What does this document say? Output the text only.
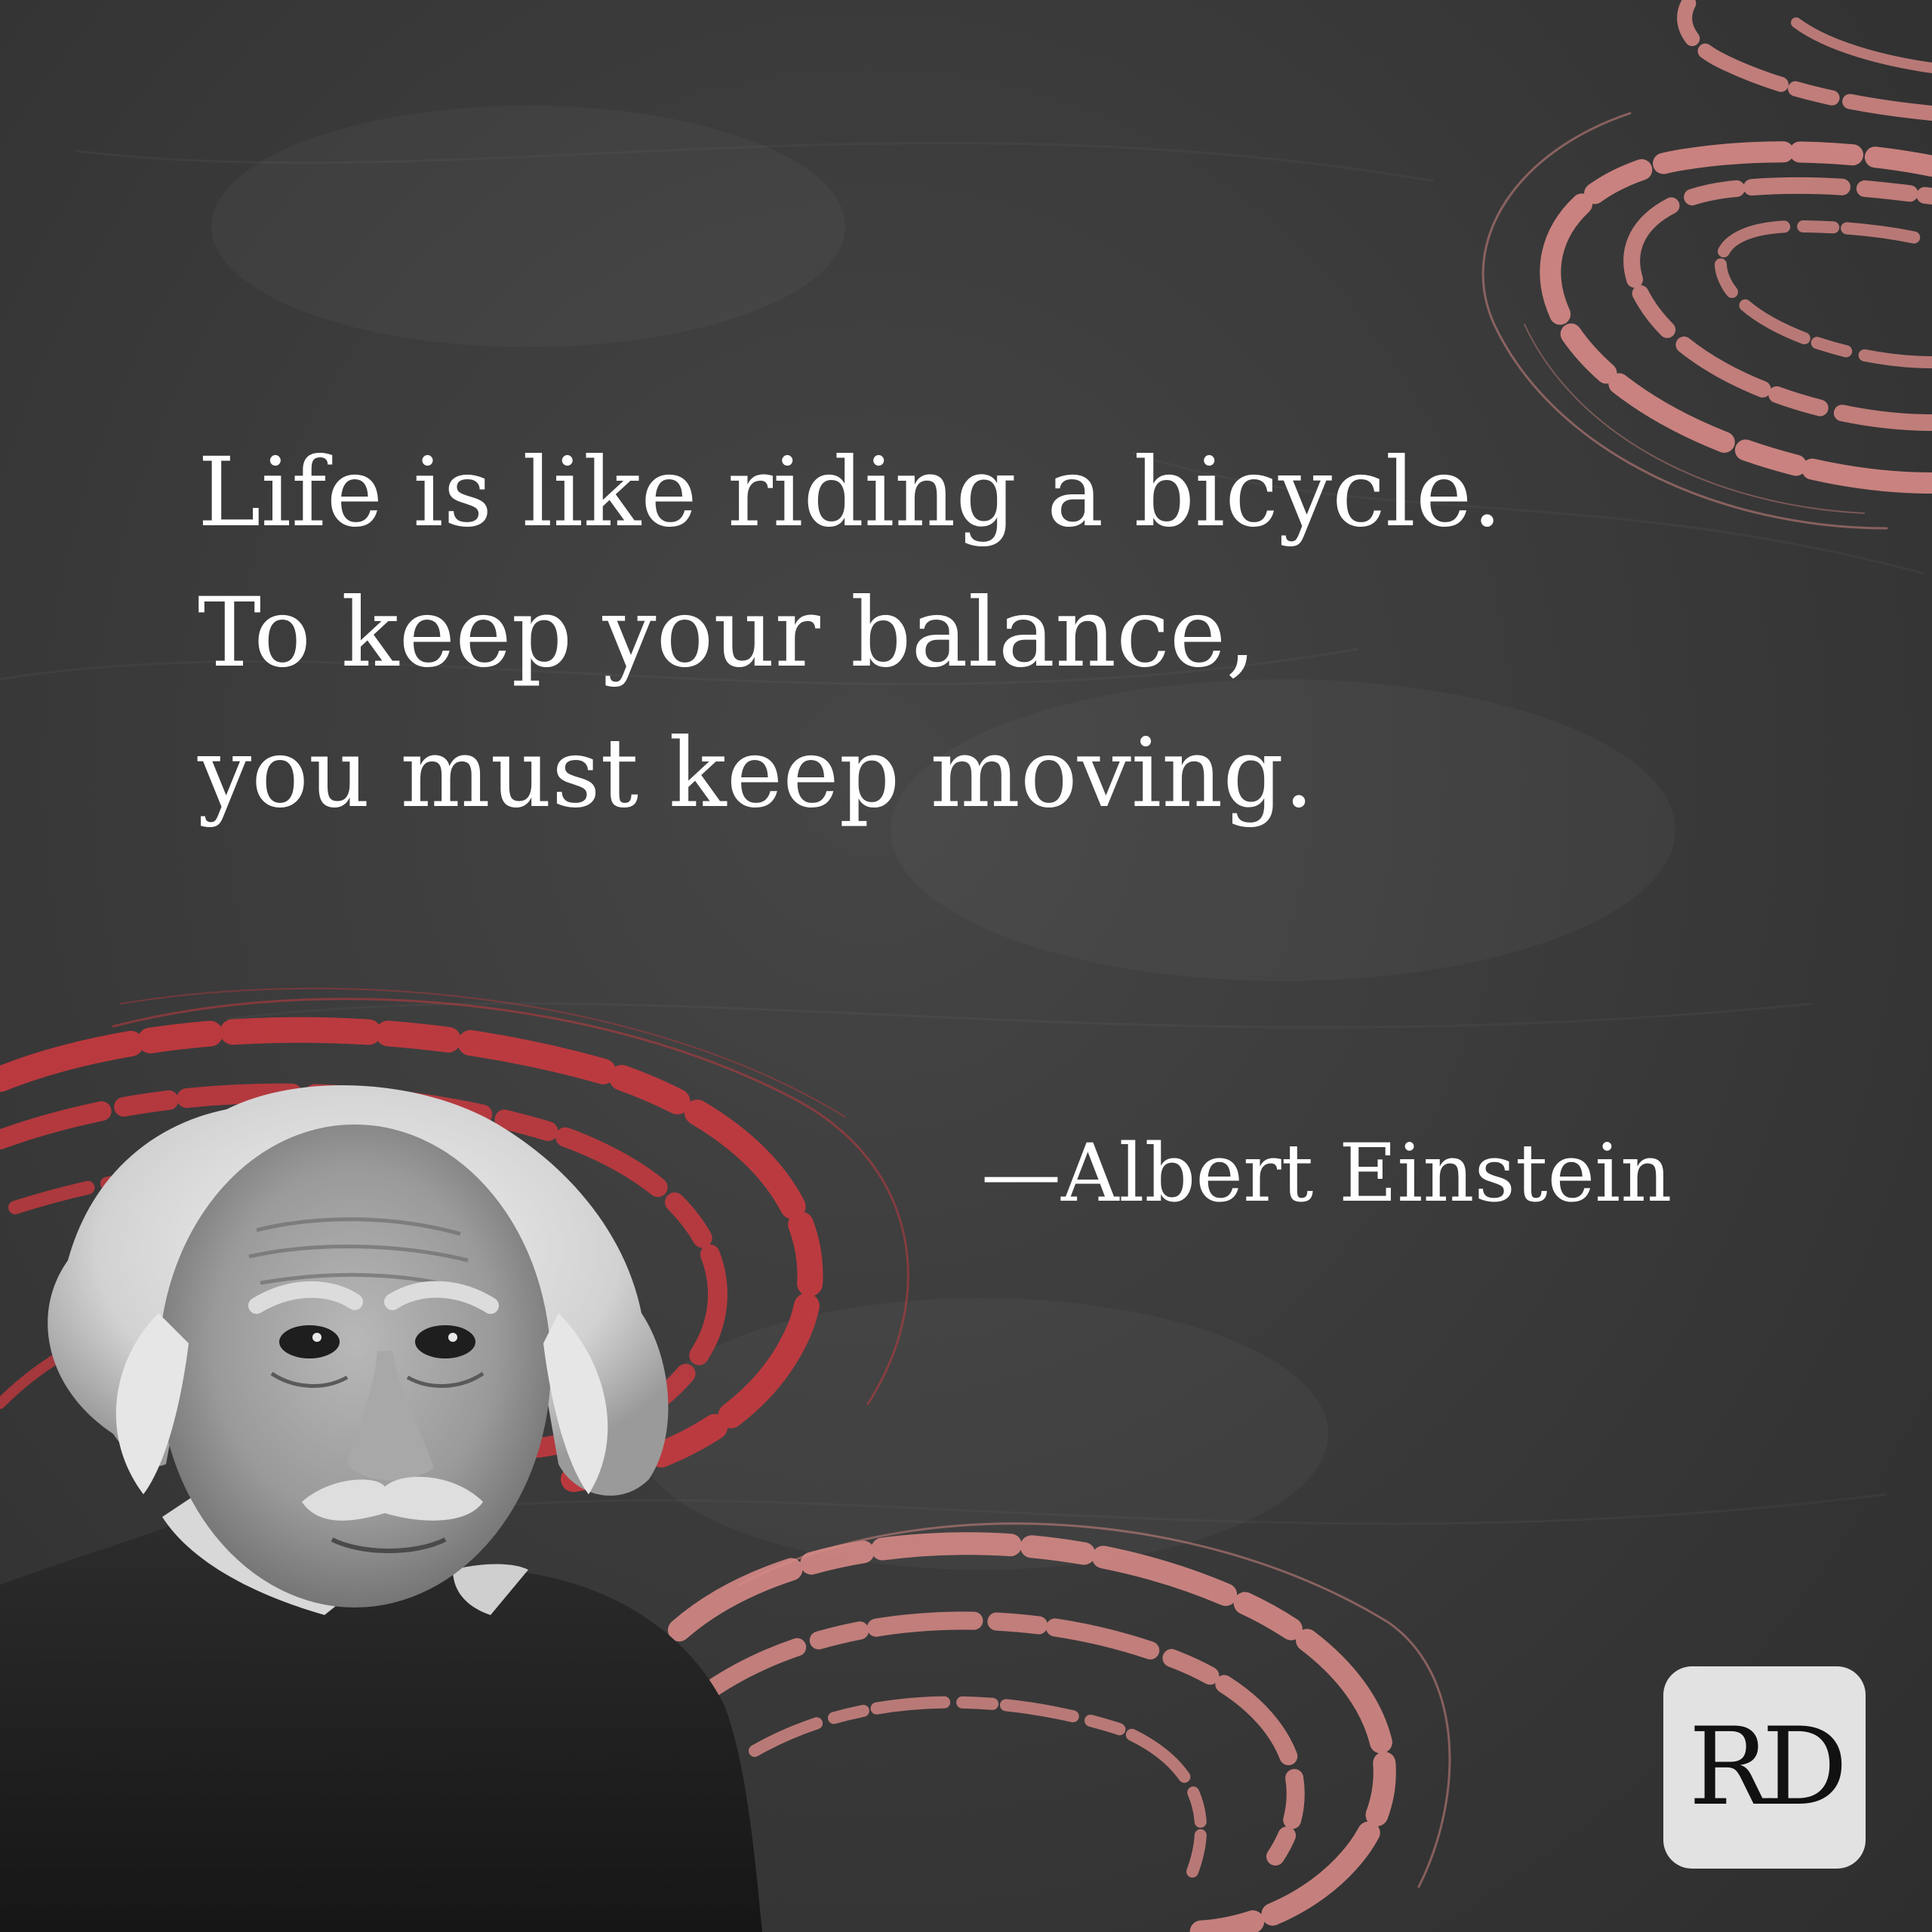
Life is like riding a bicycle.
To keep your balance,
you must keep moving.
—Albert Einstein
RD
